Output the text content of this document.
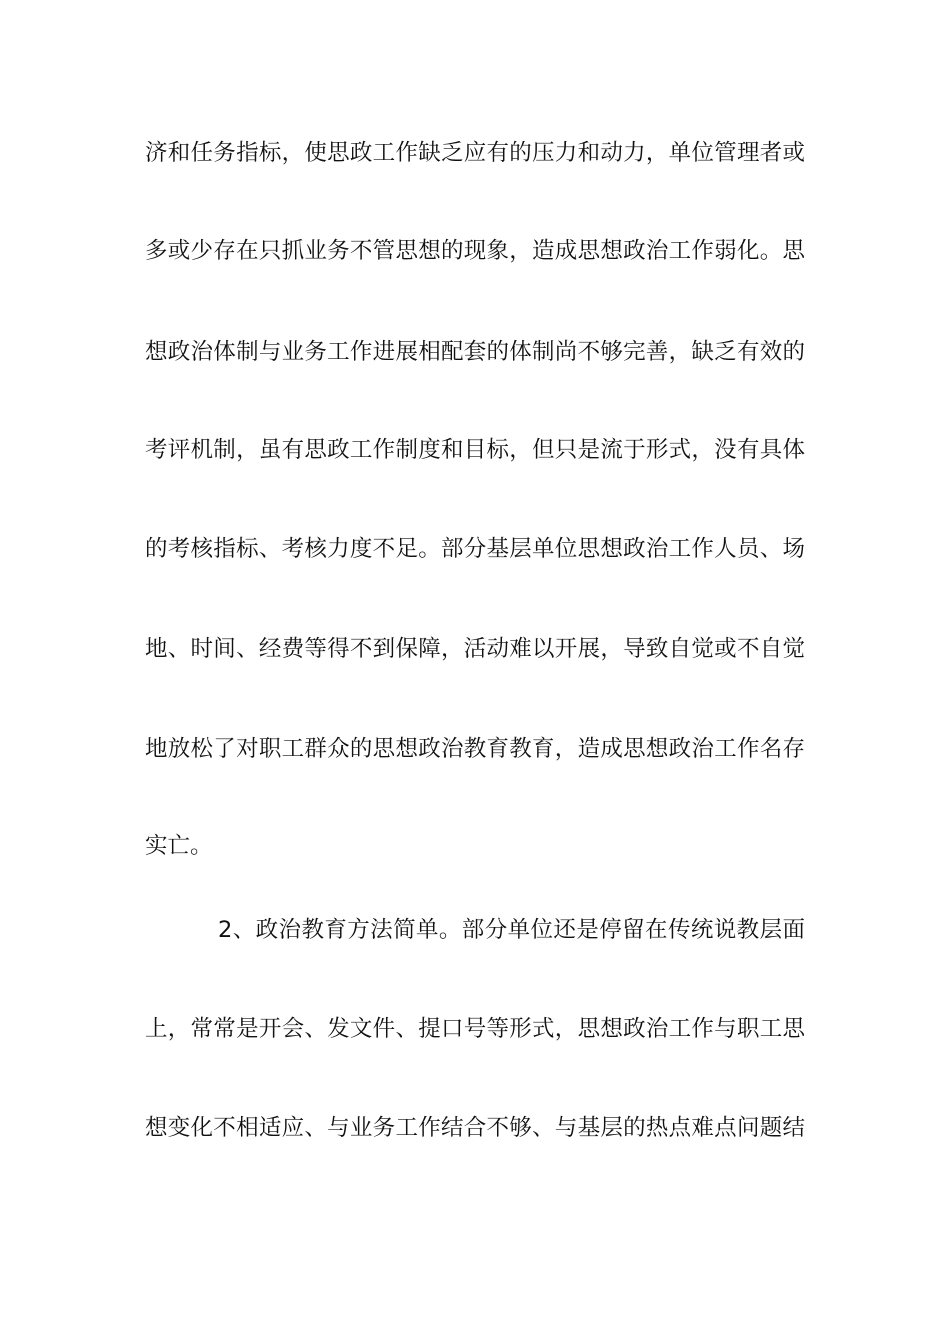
济和任务指标，使思政工作缺乏应有的压力和动力，单位管理者或
多或少存在只抓业务不管思想的现象，造成思想政治工作弱化。思
想政治体制与业务工作进展相配套的体制尚不够完善，缺乏有效的
考评机制，虽有思政工作制度和目标，但只是流于形式，没有具体
的考核指标、考核力度不足。部分基层单位思想政治工作人员、场
地、时间、经费等得不到保障，活动难以开展，导致自觉或不自觉
地放松了对职工群众的思想政治教育教育，造成思想政治工作名存
实亡。
2、政治教育方法简单。部分单位还是停留在传统说教层面
上，常常是开会、发文件、提口号等形式，思想政治工作与职工思
想变化不相适应、与业务工作结合不够、与基层的热点难点问题结
